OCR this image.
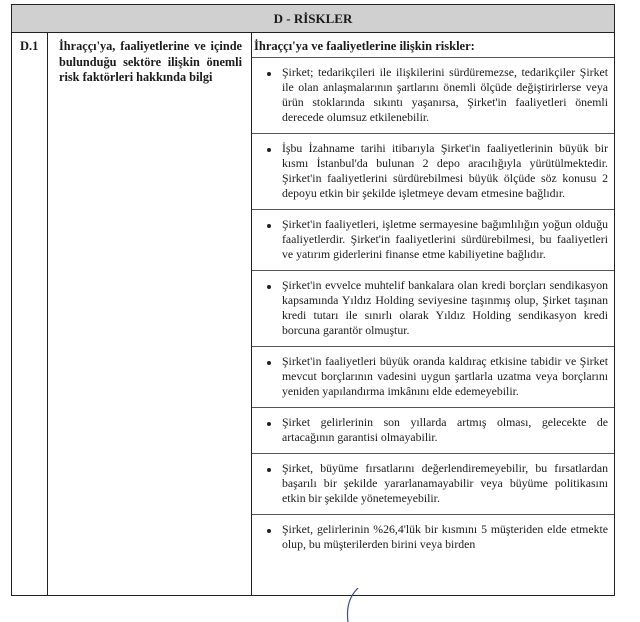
D - RİSKLER
D.1 İhraççı'ya, faaliyetlerine ve içinde bulunduğu sektöre ilişkin önemli risk faktörleri hakkında bilgi
İhraççı'ya ve faaliyetlerine ilişkin riskler:
Şirket; tedarikçileri ile ilişkilerini sürdüremezse, tedarikçiler Şirket ile olan anlaşmalarının şartlarını önemli ölçüde değiştirirlerse veya ürün stoklarında sıkıntı yaşanırsa, Şirket'in faaliyetleri önemli derecede olumsuz etkilenebilir.
İşbu İzahname tarihi itibarıyla Şirket'in faaliyetlerinin büyük bir kısmı İstanbul'da bulunan 2 depo aracılığıyla yürütülmektedir. Şirket'in faaliyetlerini sürdürebilmesi büyük ölçüde söz konusu 2 depoyu etkin bir şekilde işletmeye devam etmesine bağlıdır.
Şirket'in faaliyetleri, işletme sermayesine bağımlılığın yoğun olduğu faaliyetlerdir. Şirket'in faaliyetlerini sürdürebilmesi, bu faaliyetleri ve yatırım giderlerini finanse etme kabiliyetine bağlıdır.
Şirket'in evvelce muhtelif bankalara olan kredi borçları sendikasyon kapsamında Yıldız Holding seviyesine taşınmış olup, Şirket taşınan kredi tutarı ile sınırlı olarak Yıldız Holding sendikasyon kredi borcuna garantör olmuştur.
Şirket'in faaliyetleri büyük oranda kaldıraç etkisine tabidir ve Şirket mevcut borçlarının vadesini uygun şartlarla uzatma veya borçlarını yeniden yapılandırma imkânını elde edemeyebilir.
Şirket gelirlerinin son yıllarda artmış olması, gelecekte de artacağının garantisi olmayabilir.
Şirket, büyüme fırsatlarını değerlendiremeyebilir, bu fırsatlardan başarılı bir şekilde yararlanamayabilir veya büyüme politikasını etkin bir şekilde yönetemeyebilir.
Şirket, gelirlerinin %26,4'lük bir kısmını 5 müşteriden elde etmekte olup, bu müşterilerden birini veya birden
